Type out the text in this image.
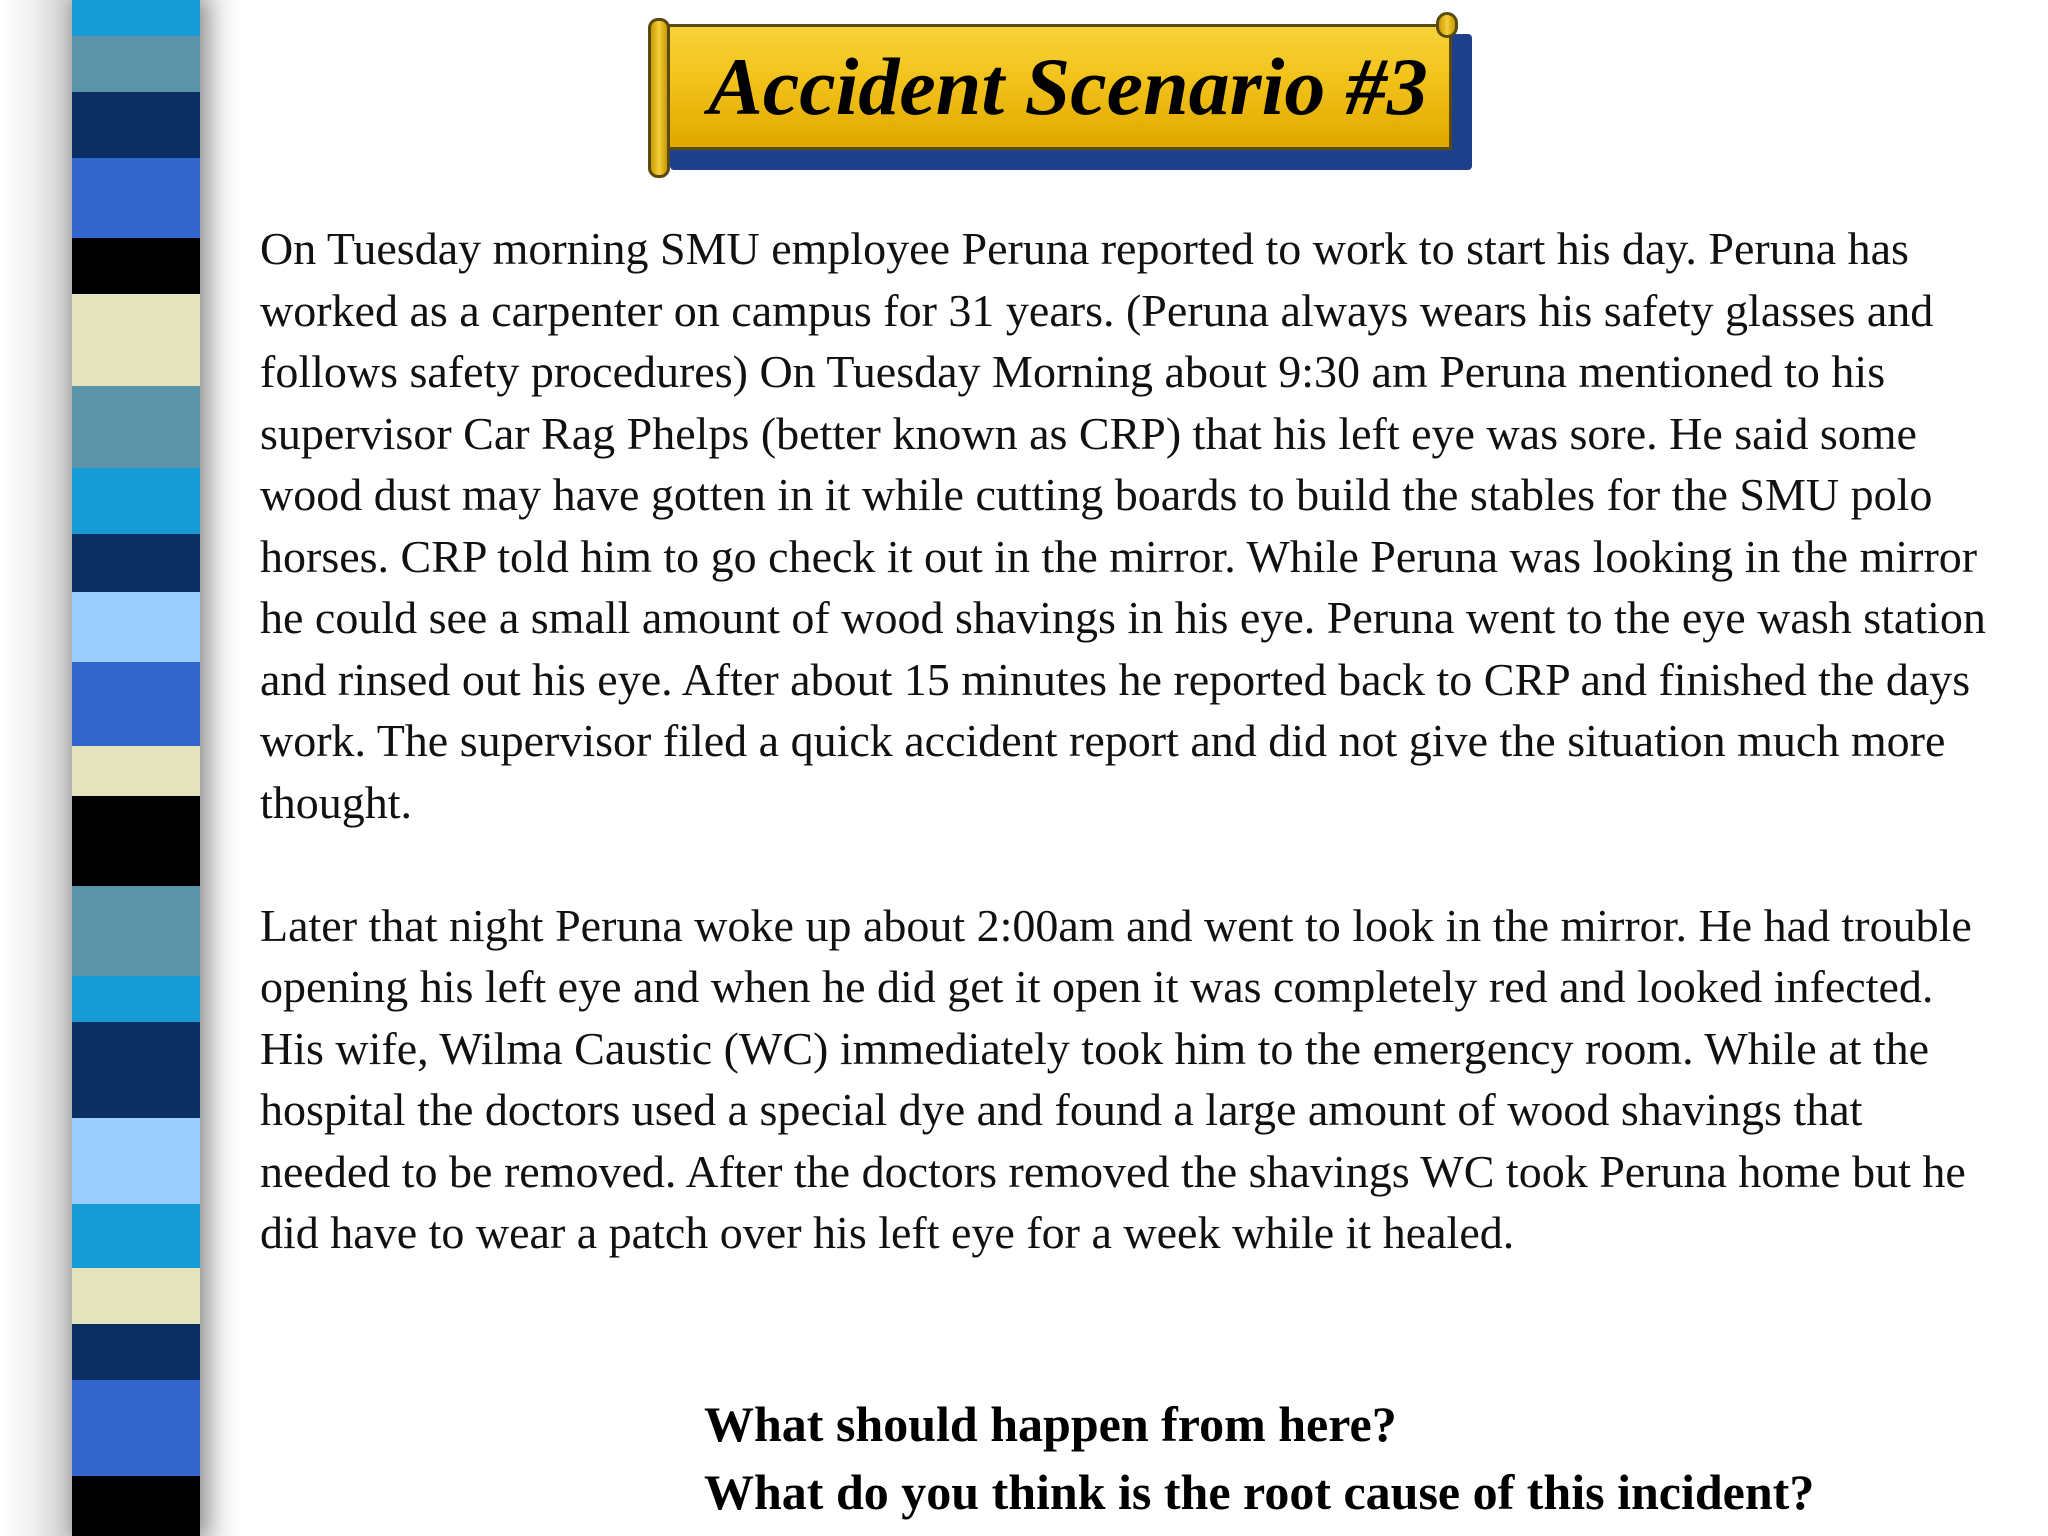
Accident Scenario #3

On Tuesday morning SMU employee Peruna reported to work to start his day. Peruna has worked as a carpenter on campus for 31 years. (Peruna always wears his safety glasses and follows safety procedures) On Tuesday Morning about 9:30 am Peruna mentioned to his supervisor Car Rag Phelps (better known as CRP) that his left eye was sore. He said some wood dust may have gotten in it while cutting boards to build the stables for the SMU polo horses. CRP told him to go check it out in the mirror. While Peruna was looking in the mirror he could see a small amount of wood shavings in his eye. Peruna went to the eye wash station and rinsed out his eye. After about 15 minutes he reported back to CRP and finished the days work. The supervisor filed a quick accident report and did not give the situation much more thought.

Later that night Peruna woke up about 2:00am and went to look in the mirror. He had trouble opening his left eye and when he did get it open it was completely red and looked infected. His wife, Wilma Caustic (WC) immediately took him to the emergency room. While at the hospital the doctors used a special dye and found a large amount of wood shavings that needed to be removed. After the doctors removed the shavings WC took Peruna home but he did have to wear a patch over his left eye for a week while it healed.

What should happen from here?
What do you think is the root cause of this incident?
